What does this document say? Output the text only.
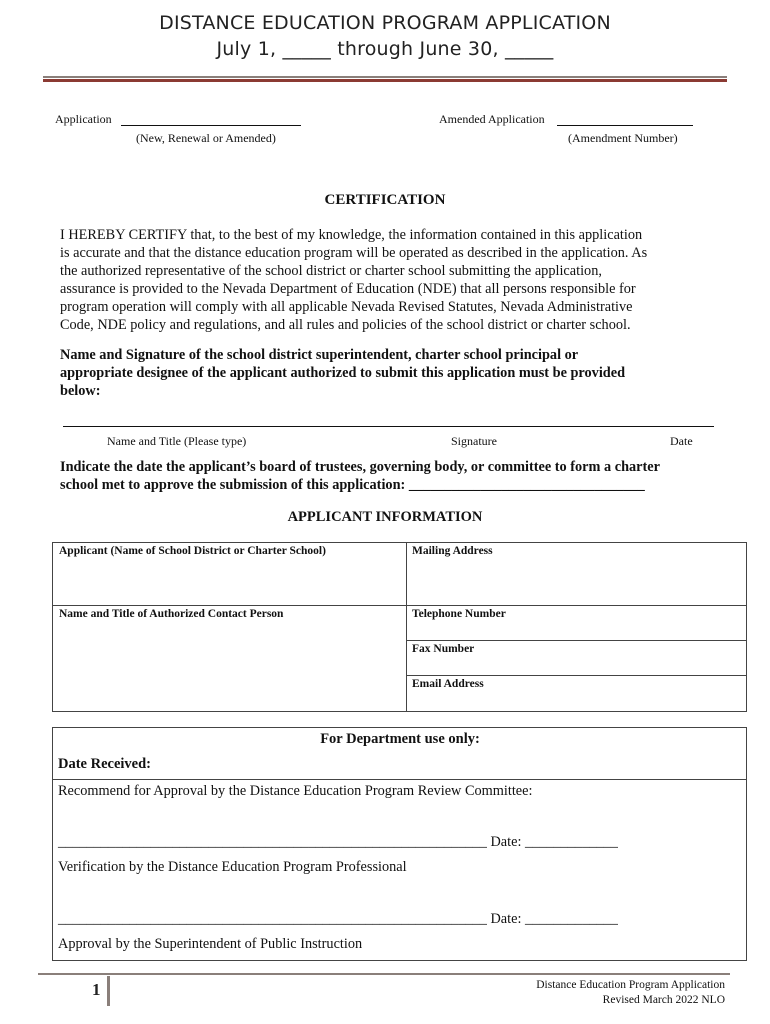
DISTANCE EDUCATION PROGRAM APPLICATION
July 1, _____ through June 30, _____
Application
(New, Renewal or Amended)
Amended Application
(Amendment Number)
CERTIFICATION
I HEREBY CERTIFY that, to the best of my knowledge, the information contained in this application
is accurate and that the distance education program will be operated as described in the application. As
the authorized representative of the school district or charter school submitting the application,
assurance is provided to the Nevada Department of Education (NDE) that all persons responsible for
program operation will comply with all applicable Nevada Revised Statutes, Nevada Administrative
Code, NDE policy and regulations, and all rules and policies of the school district or charter school.
Name and Signature of the school district superintendent, charter school principal or
appropriate designee of the applicant authorized to submit this application must be provided
below:
Name and Title (Please type)	Signature	Date
Indicate the date the applicant’s board of trustees, governing body, or committee to form a charter
school met to approve the submission of this application: _________________________________
APPLICANT INFORMATION
Applicant (Name of School District or Charter School)	Mailing Address
Name and Title of Authorized Contact Person	Telephone Number
Fax Number
Email Address
For Department use only:
Date Received:
Recommend for Approval by the Distance Education Program Review Committee:
____________________________________________________________ Date: _____________
Verification by the Distance Education Program Professional
____________________________________________________________ Date: _____________
Approval by the Superintendent of Public Instruction
1	Distance Education Program Application
Revised March 2022 NLO
